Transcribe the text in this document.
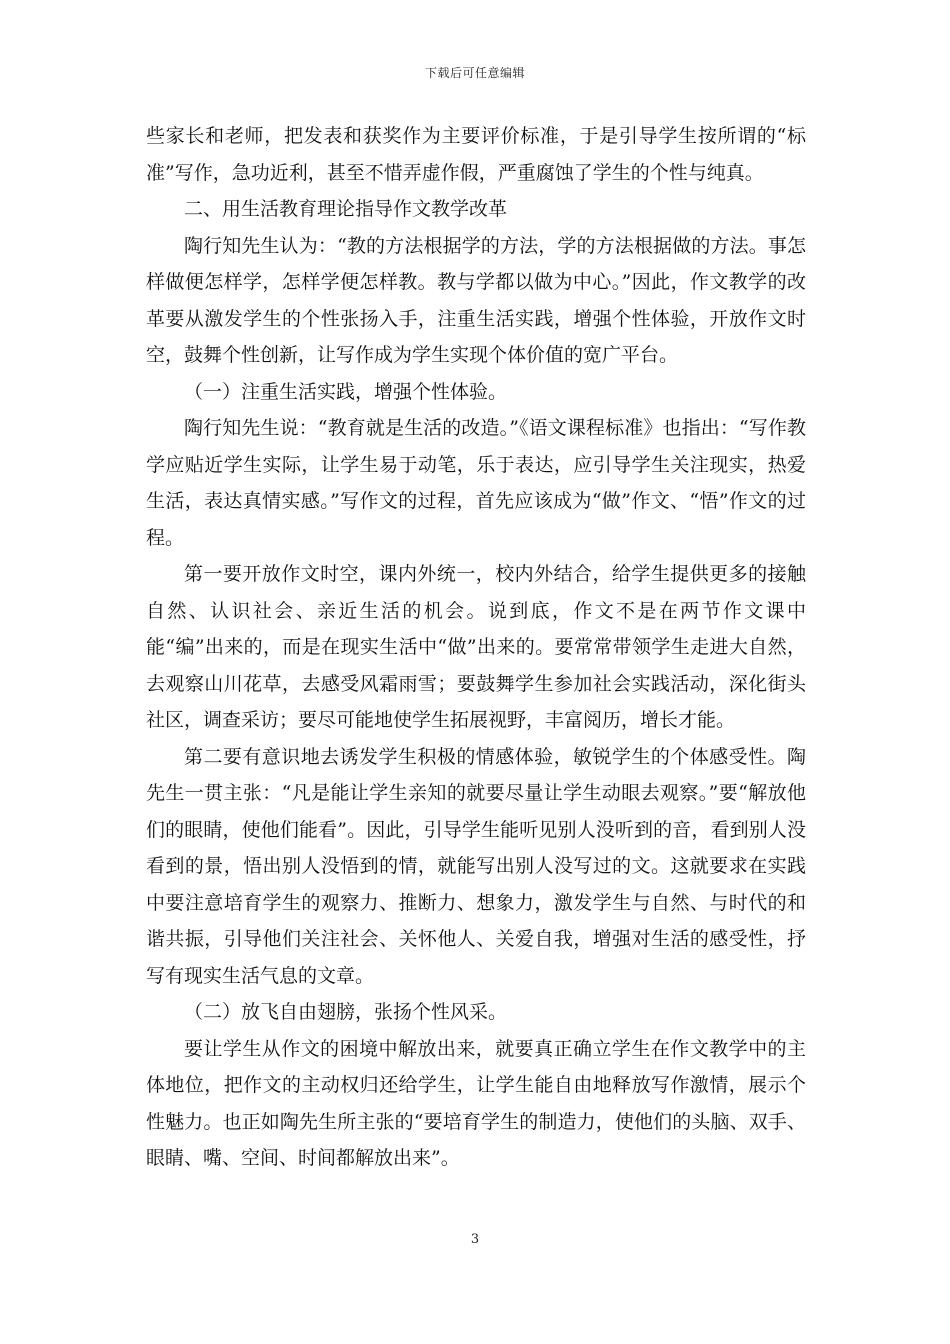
下载后可任意编辑

些家长和老师，把发表和获奖作为主要评价标准，于是引导学生按所谓的“标准”写作，急功近利，甚至不惜弄虚作假，严重腐蚀了学生的个性与纯真。

二、用生活教育理论指导作文教学改革

陶行知先生认为：“教的方法根据学的方法，学的方法根据做的方法。事怎样做便怎样学，怎样学便怎样教。教与学都以做为中心。”因此，作文教学的改革要从激发学生的个性张扬入手，注重生活实践，增强个性体验，开放作文时空，鼓舞个性创新，让写作成为学生实现个体价值的宽广平台。

（一）注重生活实践，增强个性体验。

陶行知先生说：“教育就是生活的改造。”《语文课程标准》也指出：“写作教学应贴近学生实际，让学生易于动笔，乐于表达，应引导学生关注现实，热爱生活，表达真情实感。”写作文的过程，首先应该成为“做”作文、“悟”作文的过程。

第一要开放作文时空，课内外统一，校内外结合，给学生提供更多的接触自然、认识社会、亲近生活的机会。说到底，作文不是在两节作文课中能“编”出来的，而是在现实生活中“做”出来的。要常常带领学生走进大自然，去观察山川花草，去感受风霜雨雪；要鼓舞学生参加社会实践活动，深化街头社区，调查采访；要尽可能地使学生拓展视野，丰富阅历，增长才能。

第二要有意识地去诱发学生积极的情感体验，敏锐学生的个体感受性。陶先生一贯主张：“凡是能让学生亲知的就要尽量让学生动眼去观察。”要“解放他们的眼睛，使他们能看”。因此，引导学生能听见别人没听到的音，看到别人没看到的景，悟出别人没悟到的情，就能写出别人没写过的文。这就要求在实践中要注意培育学生的观察力、推断力、想象力，激发学生与自然、与时代的和谐共振，引导他们关注社会、关怀他人、关爱自我，增强对生活的感受性，抒写有现实生活气息的文章。

（二）放飞自由翅膀，张扬个性风采。

要让学生从作文的困境中解放出来，就要真正确立学生在作文教学中的主体地位，把作文的主动权归还给学生，让学生能自由地释放写作激情，展示个性魅力。也正如陶先生所主张的“要培育学生的制造力，使他们的头脑、双手、眼睛、嘴、空间、时间都解放出来”。

3
